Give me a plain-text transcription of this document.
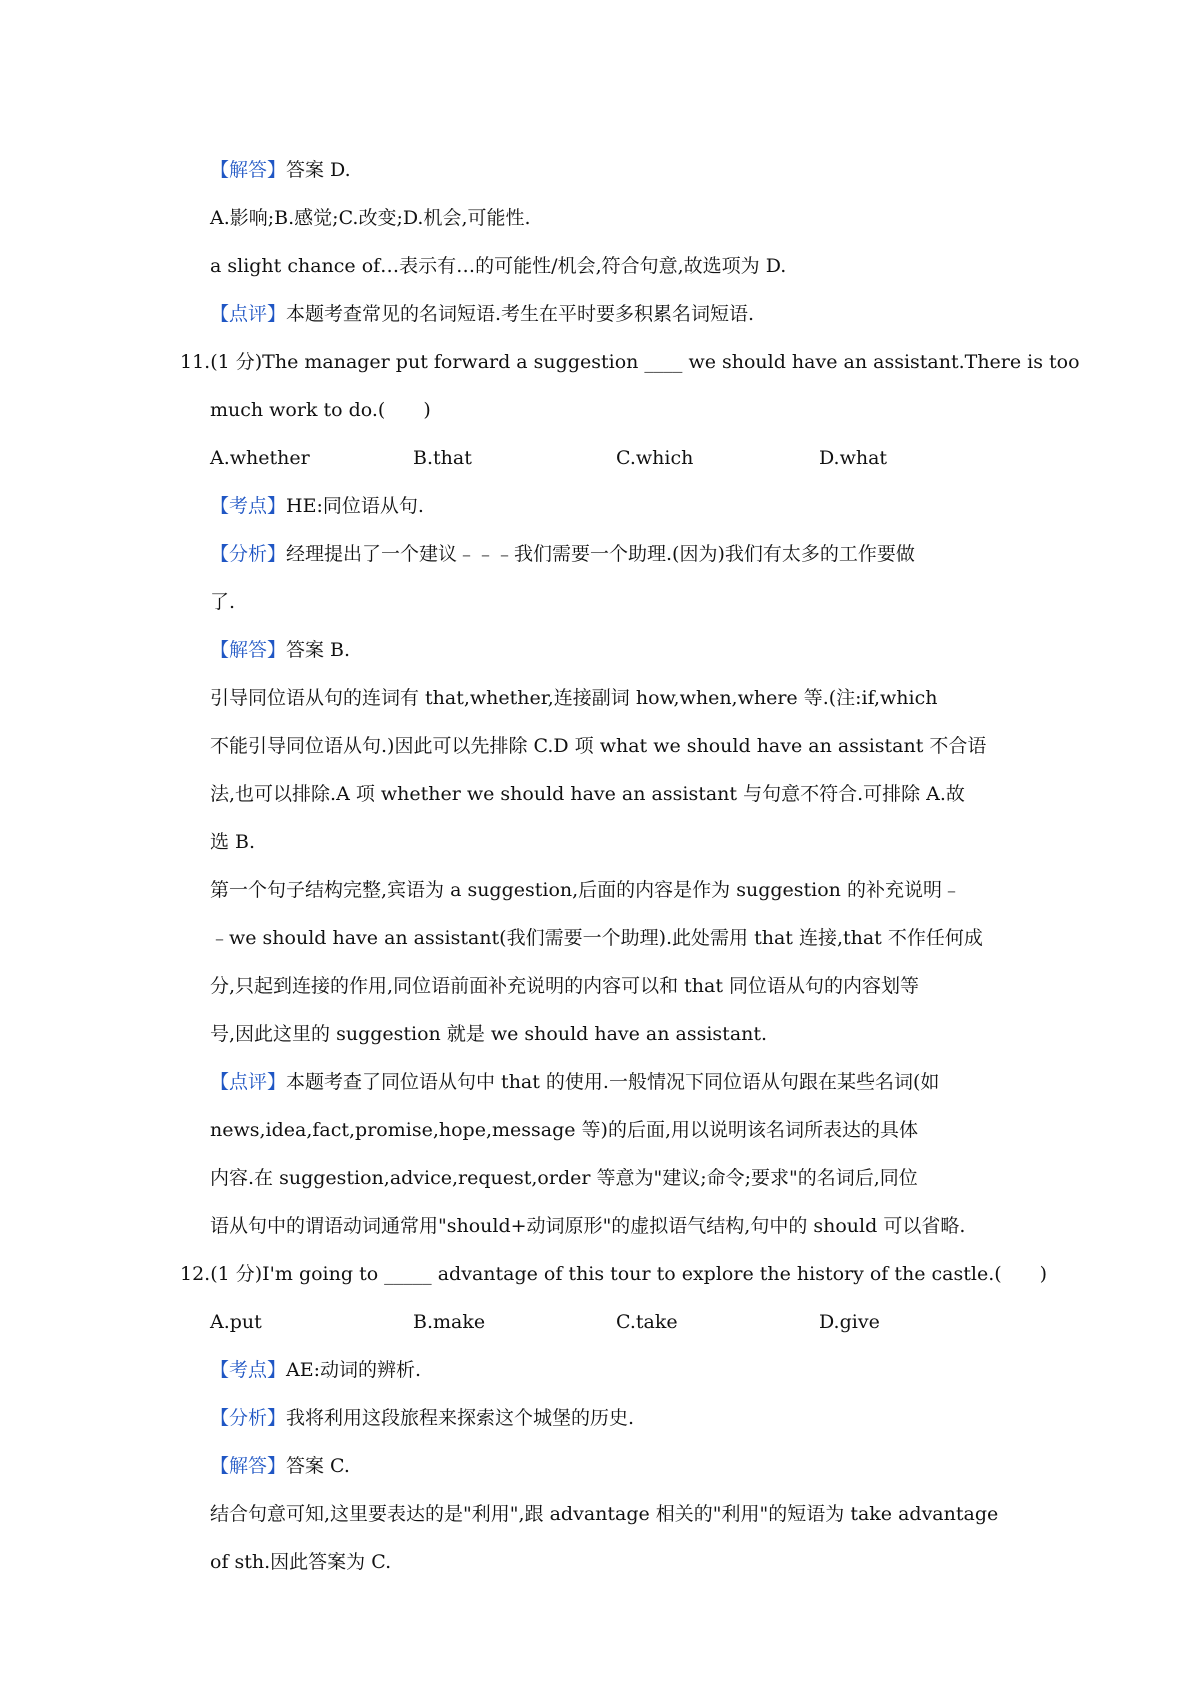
【解答】答案 D.
A.影响;B.感觉;C.改变;D.机会,可能性.
a slight chance of…表示有…的可能性/机会,符合句意,故选项为 D.
【点评】本题考查常见的名词短语.考生在平时要多积累名词短语.
11.(1 分)The manager put forward a suggestion ____ we should have an assistant.There is too
much work to do.(　　)
A.whether	B.that	C.which	D.what
【考点】HE:同位语从句.
【分析】经理提出了一个建议﹣﹣﹣我们需要一个助理.(因为)我们有太多的工作要做
了.
【解答】答案 B.
引导同位语从句的连词有 that,whether,连接副词 how,when,where 等.(注:if,which
不能引导同位语从句.)因此可以先排除 C.D 项 what we should have an assistant 不合语
法,也可以排除.A 项 whether we should have an assistant 与句意不符合.可排除 A.故
选 B.
第一个句子结构完整,宾语为 a suggestion,后面的内容是作为 suggestion 的补充说明﹣
﹣we should have an assistant(我们需要一个助理).此处需用 that 连接,that 不作任何成
分,只起到连接的作用,同位语前面补充说明的内容可以和 that 同位语从句的内容划等
号,因此这里的 suggestion 就是 we should have an assistant.
【点评】本题考查了同位语从句中 that 的使用.一般情况下同位语从句跟在某些名词(如
news,idea,fact,promise,hope,message 等)的后面,用以说明该名词所表达的具体
内容.在 suggestion,advice,request,order 等意为"建议;命令;要求"的名词后,同位
语从句中的谓语动词通常用"should+动词原形"的虚拟语气结构,句中的 should 可以省略.
12.(1 分)I'm going to _____ advantage of this tour to explore the history of the castle.(　　)
A.put	B.make	C.take	D.give
【考点】AE:动词的辨析.
【分析】我将利用这段旅程来探索这个城堡的历史.
【解答】答案 C.
结合句意可知,这里要表达的是"利用",跟 advantage 相关的"利用"的短语为 take advantage
of sth.因此答案为 C.
